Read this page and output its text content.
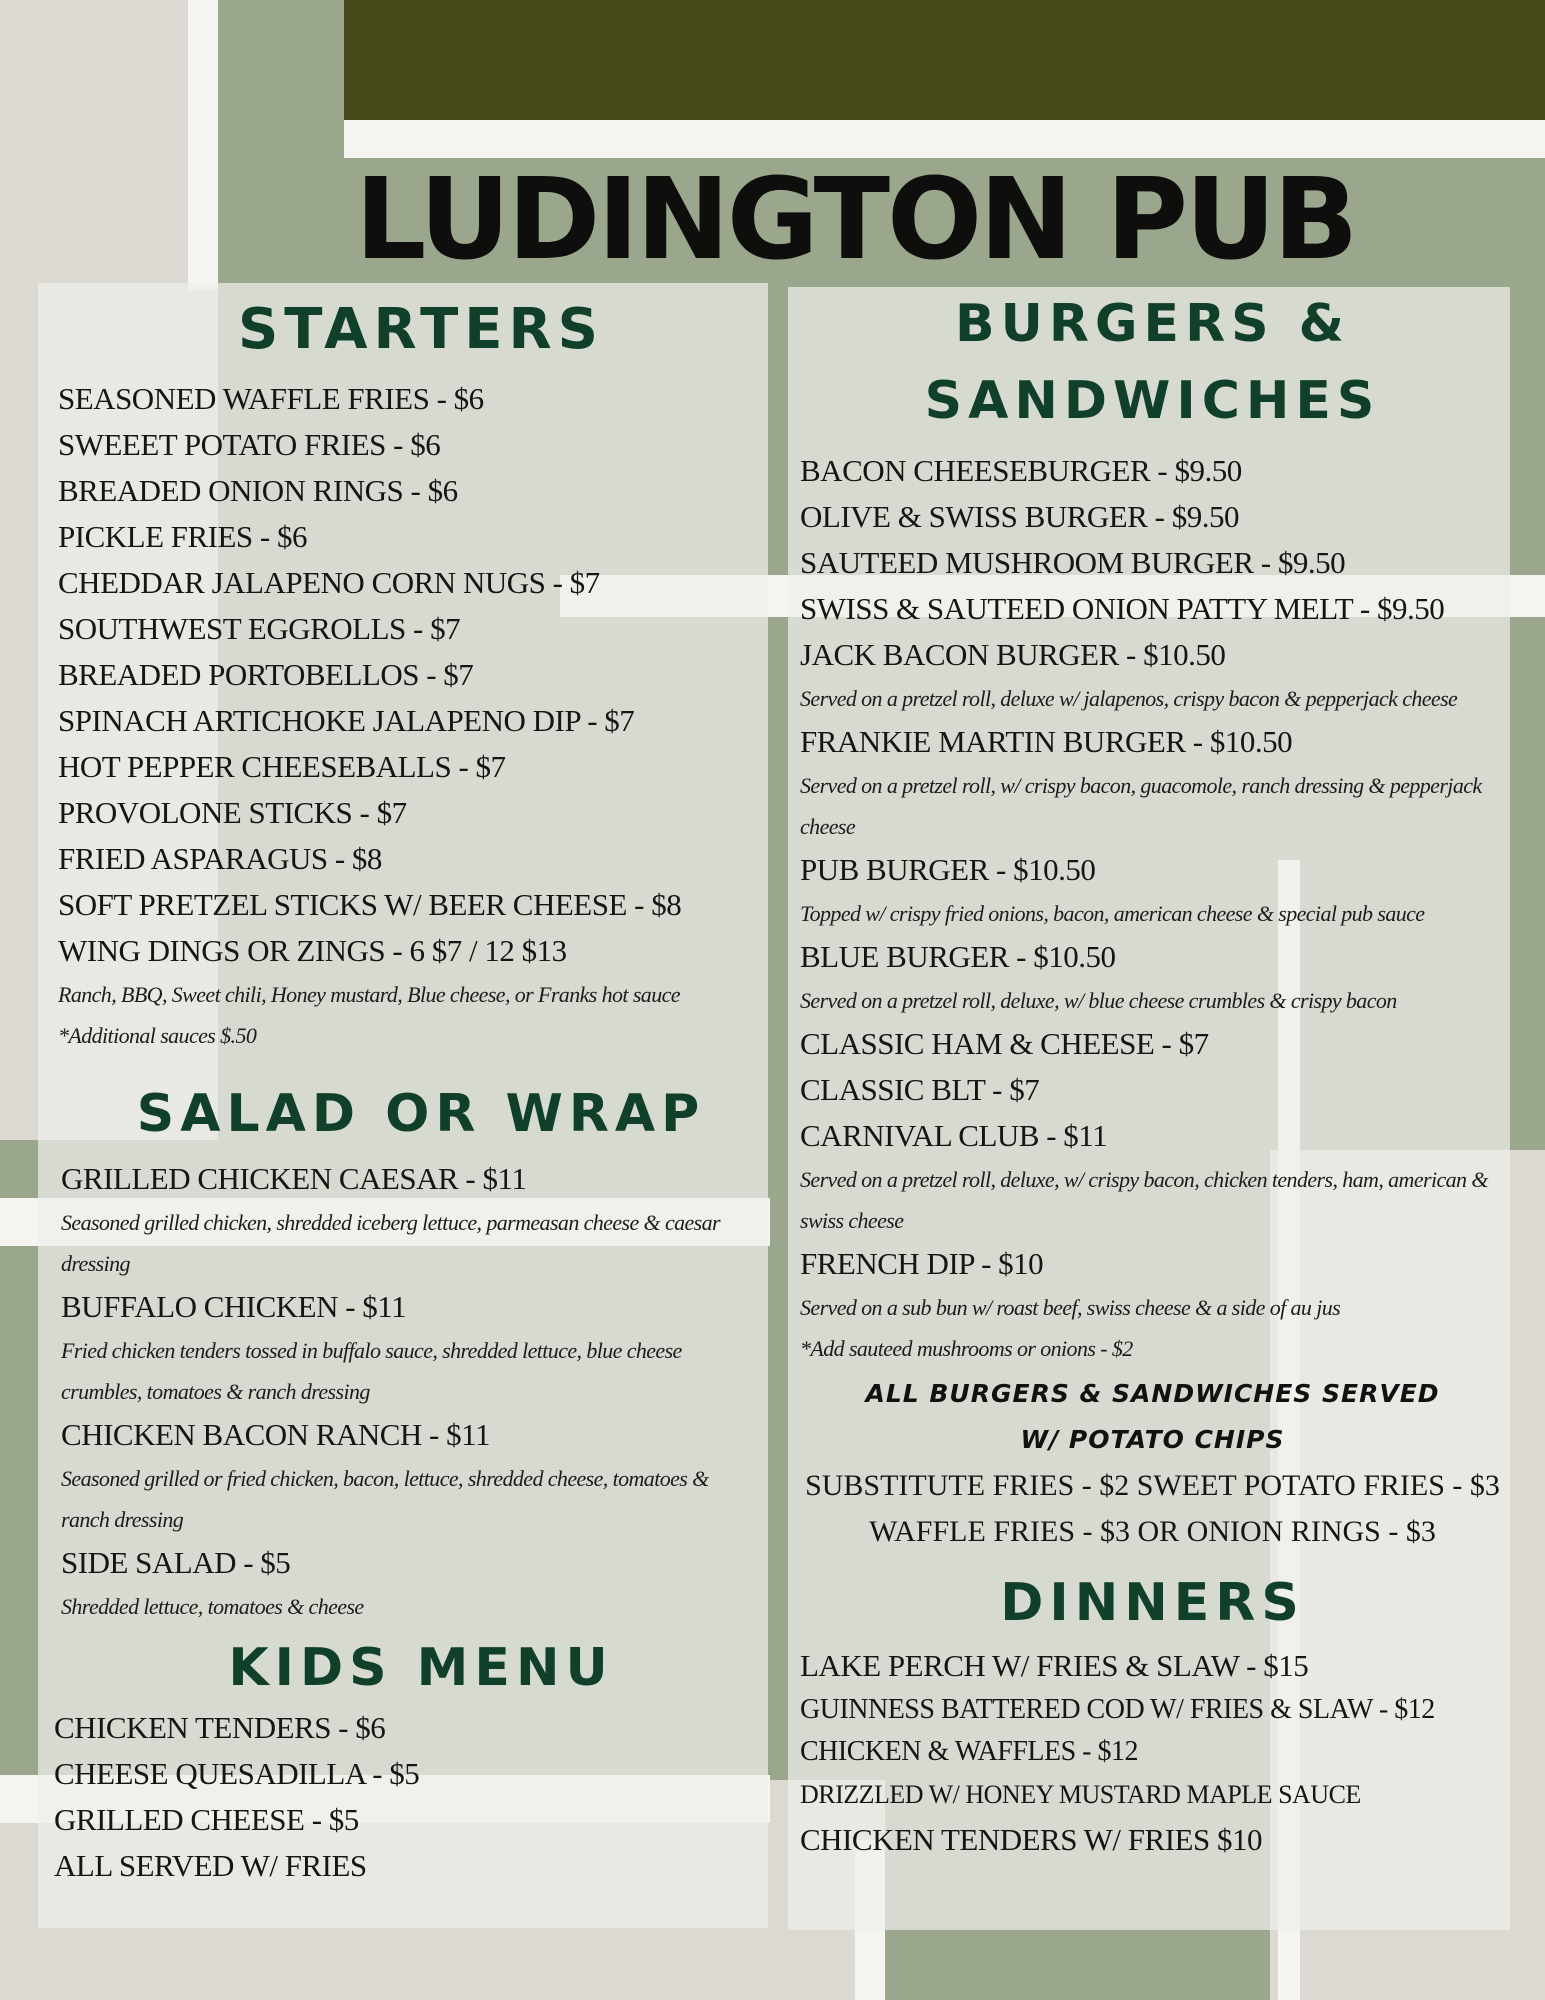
LUDINGTON PUB
STARTERS

SEASONED WAFFLE FRIES - $6

SWEEET POTATO FRIES - $6

BREADED ONION RINGS - $6

PICKLE FRIES - $6

CHEDDAR JALAPENO CORN NUGS - $7

SOUTHWEST EGGROLLS - $7

BREADED PORTOBELLOS - $7

SPINACH ARTICHOKE JALAPENO DIP - $7

HOT PEPPER CHEESEBALLS - $7

PROVOLONE STICKS - $7

FRIED ASPARAGUS - $8

SOFT PRETZEL STICKS W/ BEER CHEESE - $8

WING DINGS OR ZINGS - 6 $7 / 12 $13

Ranch, BBQ, Sweet chili, Honey mustard, Blue cheese, or Franks hot sauce

*Additional sauces $.50

SALAD OR WRAP

GRILLED CHICKEN CAESAR - $11

Seasoned grilled chicken, shredded iceberg lettuce, parmeasan cheese & caesar dressing

BUFFALO CHICKEN - $11

Fried chicken tenders tossed in buffalo sauce, shredded lettuce, blue cheese crumbles, tomatoes & ranch dressing

CHICKEN BACON RANCH - $11

Seasoned grilled or fried chicken, bacon, lettuce, shredded cheese, tomatoes & ranch dressing

SIDE SALAD - $5

Shredded lettuce, tomatoes & cheese

KIDS MENU

CHICKEN TENDERS - $6

CHEESE QUESADILLA - $5

GRILLED CHEESE - $5

ALL SERVED W/ FRIES

BURGERS &
SANDWICHES

BACON CHEESEBURGER - $9.50

OLIVE & SWISS BURGER - $9.50

SAUTEED MUSHROOM BURGER - $9.50

SWISS & SAUTEED ONION PATTY MELT - $9.50

JACK BACON BURGER - $10.50

Served on a pretzel roll, deluxe w/ jalapenos, crispy bacon & pepperjack cheese

FRANKIE MARTIN BURGER - $10.50

Served on a pretzel roll, w/ crispy bacon, guacomole, ranch dressing & pepperjack cheese

PUB BURGER - $10.50

Topped w/ crispy fried onions, bacon, american cheese & special pub sauce

BLUE BURGER - $10.50

Served on a pretzel roll, deluxe, w/ blue cheese crumbles & crispy bacon

CLASSIC HAM & CHEESE - $7

CLASSIC BLT - $7

CARNIVAL CLUB - $11

Served on a pretzel roll, deluxe, w/ crispy bacon, chicken tenders, ham, american & swiss cheese

FRENCH DIP - $10

Served on a sub bun w/ roast beef, swiss cheese & a side of au jus

*Add sauteed mushrooms or onions - $2

ALL BURGERS & SANDWICHES SERVED

W/ POTATO CHIPS

SUBSTITUTE FRIES - $2 SWEET POTATO FRIES - $3

WAFFLE FRIES - $3 OR ONION RINGS - $3

DINNERS

LAKE PERCH W/ FRIES & SLAW - $15

GUINNESS BATTERED COD W/ FRIES & SLAW - $12

CHICKEN & WAFFLES - $12

DRIZZLED W/ HONEY MUSTARD MAPLE SAUCE

CHICKEN TENDERS W/ FRIES $10
